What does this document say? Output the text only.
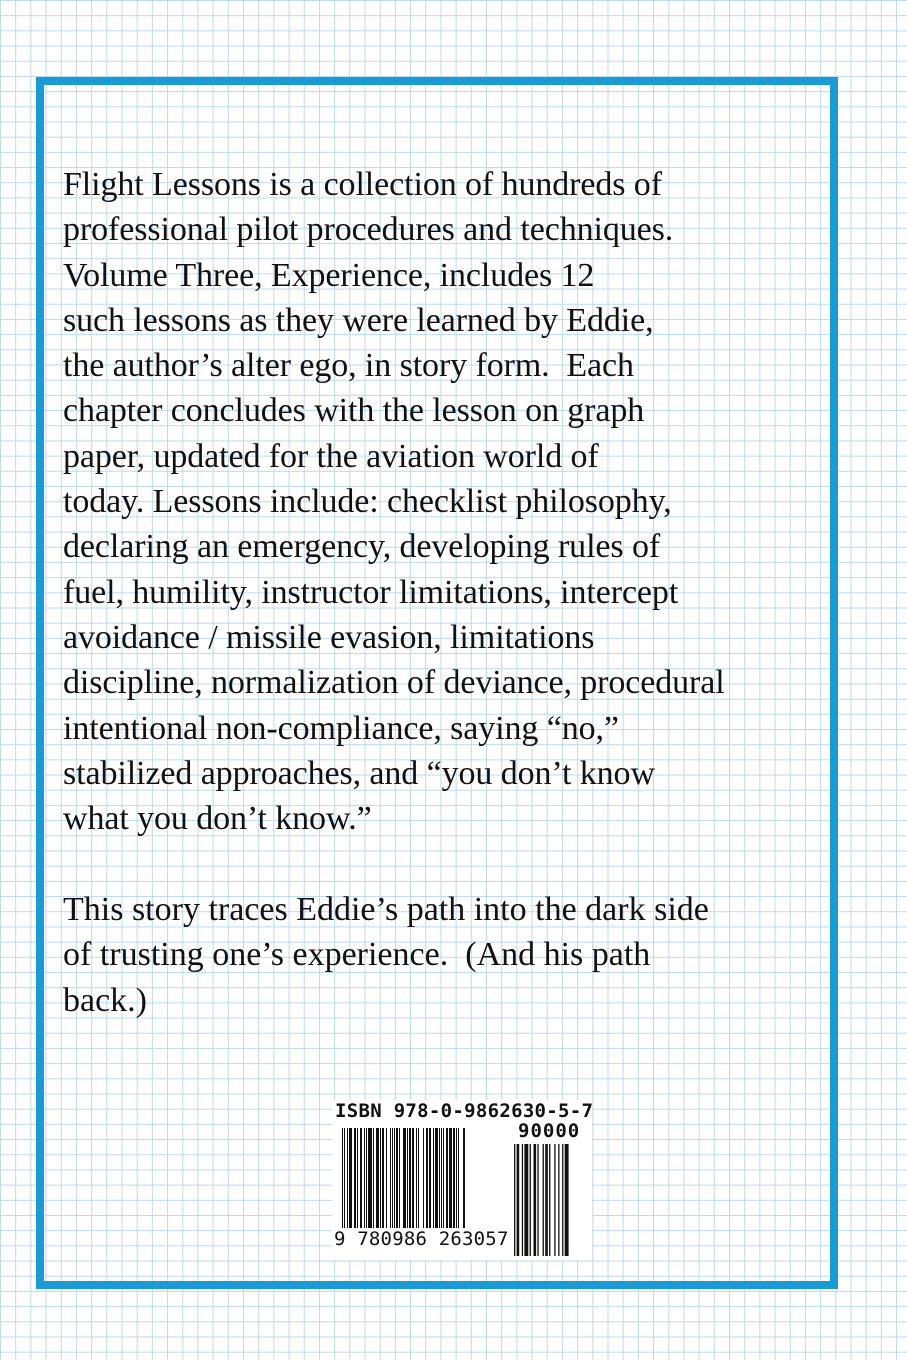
Flight Lessons is a collection of hundreds of
professional pilot procedures and techniques.
Volume Three, Experience, includes 12
such lessons as they were learned by Eddie,
the author’s alter ego, in story form.  Each
chapter concludes with the lesson on graph
paper, updated for the aviation world of
today. Lessons include: checklist philosophy,
declaring an emergency, developing rules of
fuel, humility, instructor limitations, intercept
avoidance / missile evasion, limitations
discipline, normalization of deviance, procedural
intentional non-compliance, saying “no,”
stabilized approaches, and “you don’t know
what you don’t know.”
This story traces Eddie’s path into the dark side
of trusting one’s experience.  (And his path
back.)
ISBN 978-0-9862630-5-7
90000
9 780986 263057
